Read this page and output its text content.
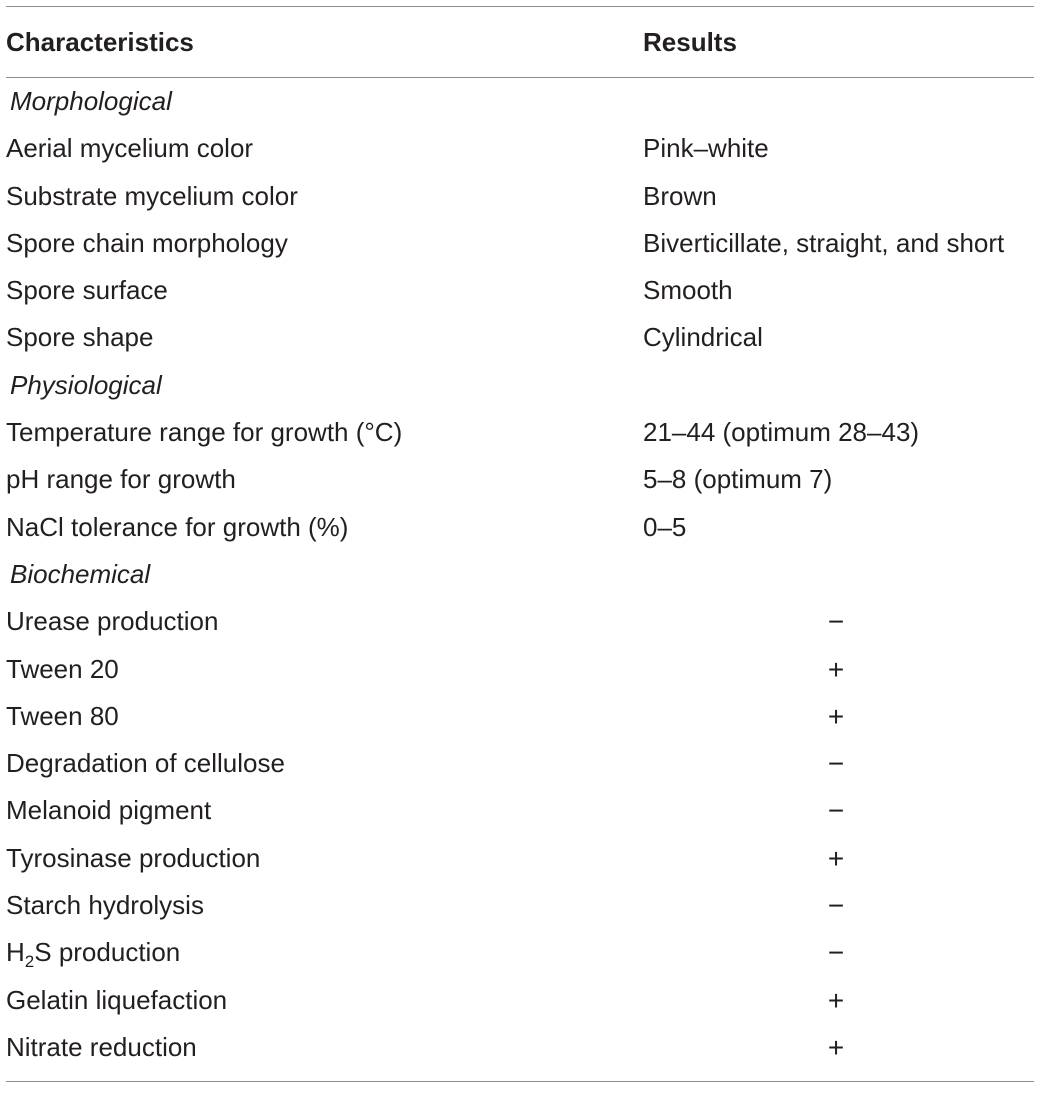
Characteristics	Results
Morphological
Aerial mycelium color	Pink–white
Substrate mycelium color	Brown
Spore chain morphology	Biverticillate, straight, and short
Spore surface	Smooth
Spore shape	Cylindrical
Physiological
Temperature range for growth (°C)	21–44 (optimum 28–43)
pH range for growth	5–8 (optimum 7)
NaCl tolerance for growth (%)	0–5
Biochemical
Urease production	−
Tween 20	+
Tween 80	+
Degradation of cellulose	−
Melanoid pigment	−
Tyrosinase production	+
Starch hydrolysis	−
$H_2S$ production	−
Gelatin liquefaction	+
Nitrate reduction	+
